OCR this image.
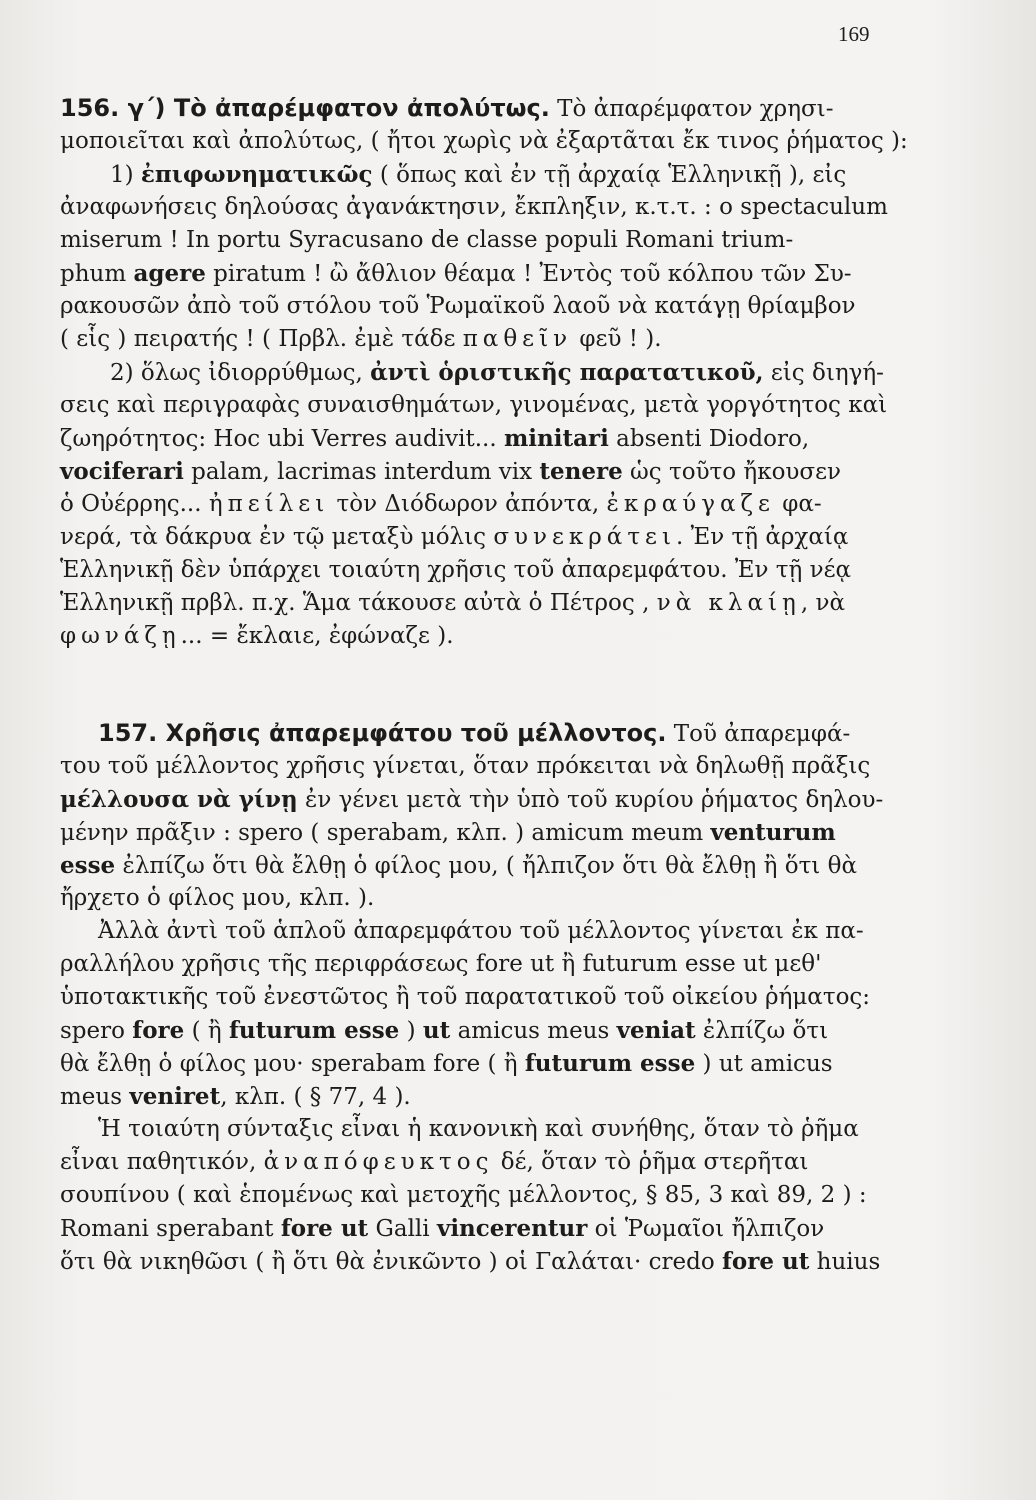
169
156. γ΄) Τὸ ἀπαρέμφατον ἀπολύτως. Τὸ ἀπαρέμφατον χρησι-
μοποιεῖται καὶ ἀπολύτως, ( ἤτοι χωρὶς νὰ ἐξαρτᾶται ἔκ τινος ῥήματος ):
1) ἐπιφωνηματικῶς ( ὅπως καὶ ἐν τῇ ἀρχαίᾳ Ἑλληνικῇ ), εἰς
ἀναφωνήσεις δηλούσας ἀγανάκτησιν, ἔκπληξιν, κ.τ.τ. : o spectaculum
miserum ! In portu Syracusano de classe populi Romani trium-
phum agere piratum ! ὢ ἄθλιον θέαμα ! Ἐντὸς τοῦ κόλπου τῶν Συ-
ρακουσῶν ἀπὸ τοῦ στόλου τοῦ Ῥωμαϊκοῦ λαοῦ νὰ κατάγῃ θρίαμβον
( εἷς ) πειρατής ! ( Πρβλ. ἐμὲ τάδε παθεῖν φεῦ ! ).
2) ὅλως ἰδιορρύθμως, ἀντὶ ὁριστικῆς παρατατικοῦ, εἰς διηγή-
σεις καὶ περιγραφὰς συναισθημάτων, γινομένας, μετὰ γοργότητος καὶ
ζωηρότητος: Hoc ubi Verres audivit... minitari absenti Diodoro,
vociferari palam, lacrimas interdum vix tenere ὡς τοῦτο ἤκουσεν
ὁ Οὐέρρης... ἠπείλει τὸν Διόδωρον ἀπόντα, ἐκραύγαζε φα-
νερά, τὰ δάκρυα ἐν τῷ μεταξὺ μόλις συνεκράτει. Ἐν τῇ ἀρχαίᾳ
Ἑλληνικῇ δὲν ὑπάρχει τοιαύτη χρῆσις τοῦ ἀπαρεμφάτου. Ἐν τῇ νέᾳ
Ἑλληνικῇ πρβλ. π.χ. Ἅμα τάκουσε αὐτὰ ὁ Πέτρος , νὰ κλαίῃ, νὰ
φωνάζῃ... = ἔκλαιε, ἐφώναζε ).
157. Χρῆσις ἀπαρεμφάτου τοῦ μέλλοντος. Τοῦ ἀπαρεμφά-
του τοῦ μέλλοντος χρῆσις γίνεται, ὅταν πρόκειται νὰ δηλωθῇ πρᾶξις
μέλλουσα νὰ γίνῃ ἐν γένει μετὰ τὴν ὑπὸ τοῦ κυρίου ῥήματος δηλου-
μένην πρᾶξιν : spero ( sperabam, κλπ. ) amicum meum venturum
esse ἐλπίζω ὅτι θὰ ἔλθῃ ὁ φίλος μου, ( ἤλπιζον ὅτι θὰ ἔλθῃ ἢ ὅτι θὰ
ἤρχετο ὁ φίλος μου, κλπ. ).
Ἀλλὰ ἀντὶ τοῦ ἁπλοῦ ἀπαρεμφάτου τοῦ μέλλοντος γίνεται ἐκ πα-
ραλλήλου χρῆσις τῆς περιφράσεως fore ut ἢ futurum esse ut μεθ'
ὑποτακτικῆς τοῦ ἐνεστῶτος ἢ τοῦ παρατατικοῦ τοῦ οἰκείου ῥήματος:
spero fore ( ἢ futurum esse ) ut amicus meus veniat ἐλπίζω ὅτι
θὰ ἔλθῃ ὁ φίλος μου· sperabam fore ( ἢ futurum esse ) ut amicus
meus veniret, κλπ. ( § 77, 4 ).
Ἡ τοιαύτη σύνταξις εἶναι ἡ κανονικὴ καὶ συνήθης, ὅταν τὸ ῥῆμα
εἶναι παθητικόν, ἀναπόφευκτος δέ, ὅταν τὸ ῥῆμα στερῆται
σουπίνου ( καὶ ἑπομένως καὶ μετοχῆς μέλλοντος, § 85, 3 καὶ 89, 2 ) :
Romani sperabant fore ut Galli vincerentur οἱ Ῥωμαῖοι ἤλπιζον
ὅτι θὰ νικηθῶσι ( ἢ ὅτι θὰ ἐνικῶντο ) οἱ Γαλάται· credo fore ut huius
